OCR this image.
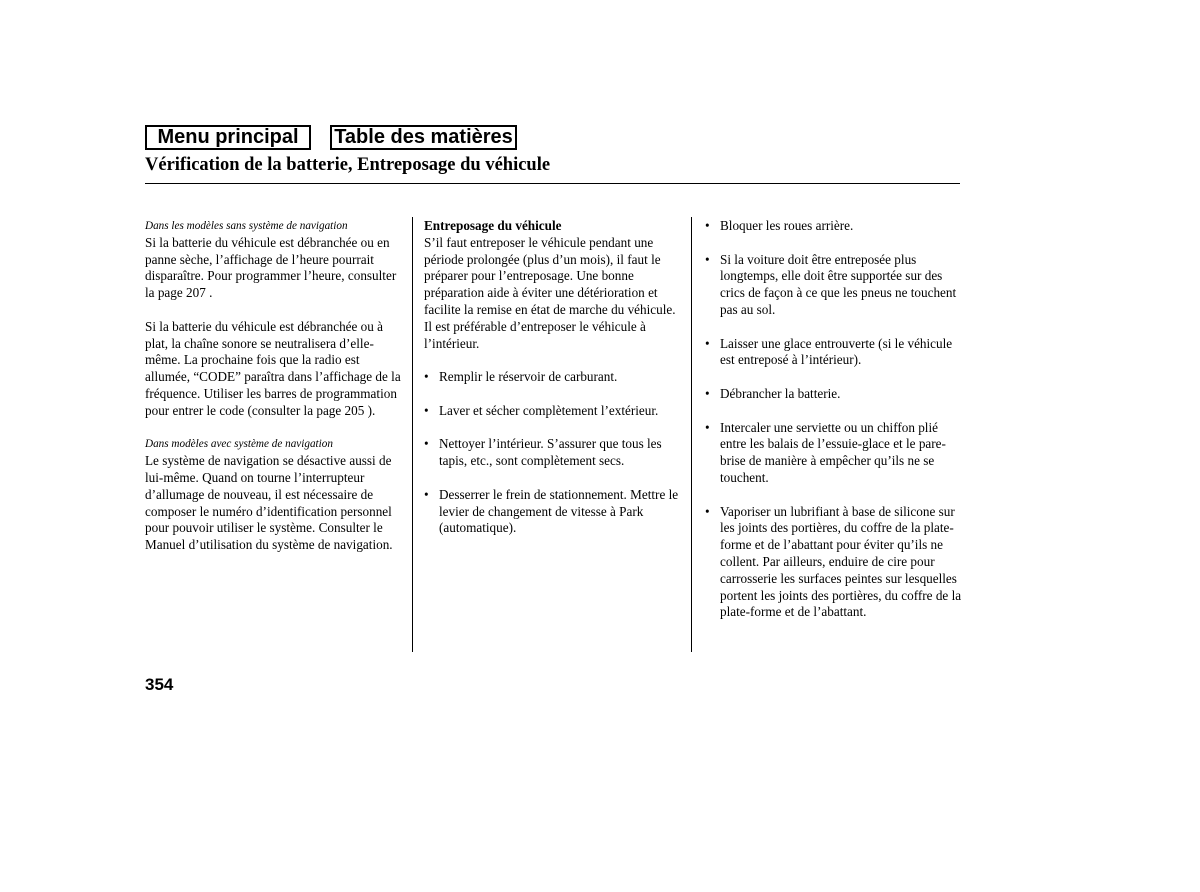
Menu principal	Table des matières
Vérification de la batterie, Entreposage du véhicule
Dans les modèles sans système de navigation

Si la batterie du véhicule est débranchée ou en panne sèche, l’affichage de l’heure pourrait disparaître. Pour programmer l’heure, consulter la page 207 .

Si la batterie du véhicule est débranchée ou à plat, la chaîne sonore se neutralisera d’elle-même. La prochaine fois que la radio est allumée, “CODE” paraîtra dans l’affichage de la fréquence. Utiliser les barres de programmation pour entrer le code (consulter la page 205 ).

Dans modèles avec système de navigation

Le système de navigation se désactive aussi de lui-même. Quand on tourne l’interrupteur d’allumage de nouveau, il est nécessaire de composer le numéro d’identification personnel pour pouvoir utiliser le système. Consulter le Manuel d’utilisation du système de navigation.

Entreposage du véhicule

S’il faut entreposer le véhicule pendant une période prolongée (plus d’un mois), il faut le préparer pour l’entreposage. Une bonne préparation aide à éviter une détérioration et facilite la remise en état de marche du véhicule. Il est préférable d’entreposer le véhicule à l’intérieur.

• Remplir le réservoir de carburant.
• Laver et sécher complètement l’extérieur.
• Nettoyer l’intérieur. S’assurer que tous les tapis, etc., sont complètement secs.
• Desserrer le frein de stationnement. Mettre le levier de changement de vitesse à Park (automatique).
• Bloquer les roues arrière.
• Si la voiture doit être entreposée plus longtemps, elle doit être supportée sur des crics de façon à ce que les pneus ne touchent pas au sol.
• Laisser une glace entrouverte (si le véhicule est entreposé à l’intérieur).
• Débrancher la batterie.
• Intercaler une serviette ou un chiffon plié entre les balais de l’essuie-glace et le pare-brise de manière à empêcher qu’ils ne se touchent.
• Vaporiser un lubrifiant à base de silicone sur les joints des portières, du coffre de la plate-forme et de l’abattant pour éviter qu’ils ne collent. Par ailleurs, enduire de cire pour carrosserie les surfaces peintes sur lesquelles portent les joints des portières, du coffre de la plate-forme et de l’abattant.
354
